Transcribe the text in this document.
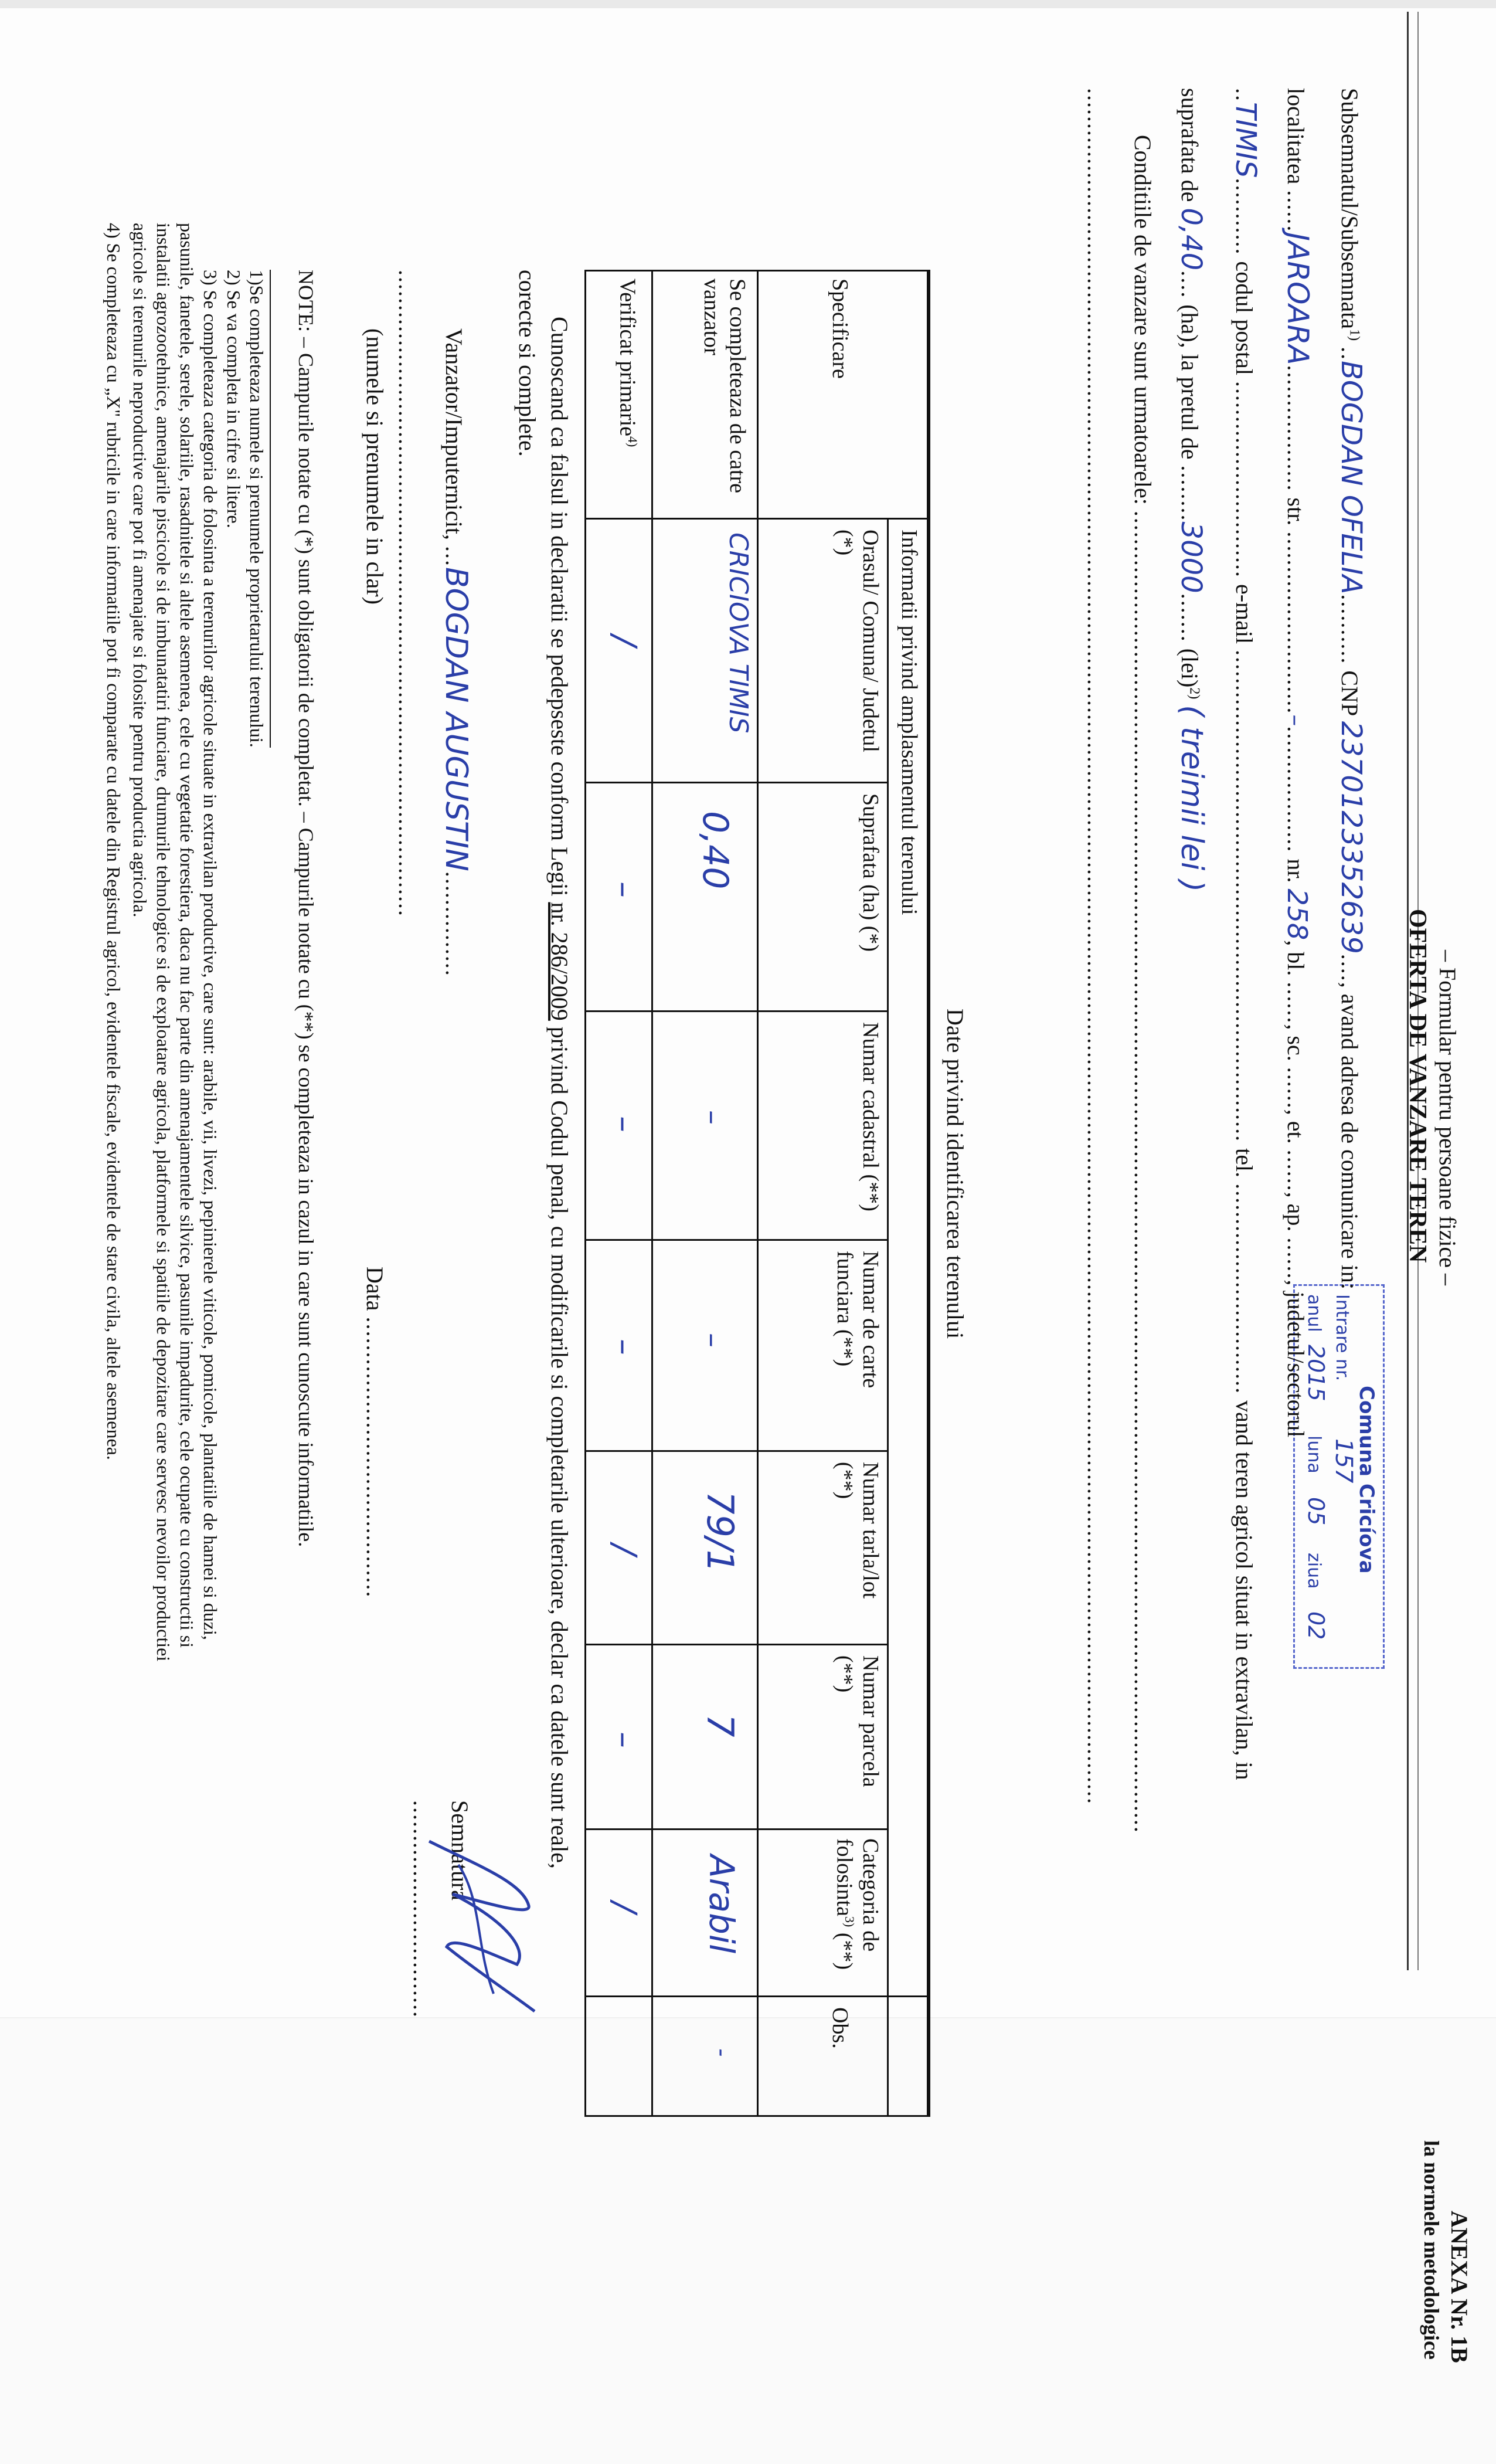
ANEXA Nr. 1B
la normele metodologice
– Formular pentru persoane fizice –
OFERTA DE VANZARE TEREN
Comuna Cricíova
Intrare nr.
157
anul
2015
luna
05
ziua
02
Subsemnatul/Subsemnata$^{1)}$ ..BOGDAN OFELIA.......... CNP 2370123352639...., avand adresa de comunicare in:
localitatea ......JAROARA.................. str. ..........................–.................. nr. 258, bl. ......, sc. ......, et. ......, ap. ......, judetul/sectorul
..TIMIS........... codul postal ............................ e-mail ...................................................................... tel. .............................. vand teren agricol situat in extravilan, in
suprafata de 0,40.... (ha), la pretul de ........3000....... (lei)$^{2)}$ ( treimii lei )
Conditiile de vanzare sunt urmatoarele: ............................................................................................................................................................................................
....................................................................................................................................................................................................................................................
Date privind identificarea terenului
Informatii privind amplasamentul terenului
Specificare
Orasul/ Comuna/ Judetul (*)
Suprafata (ha) (*)
Numar cadastral (**)
Numar de carte funciara (**)
Numar tarla/lot (**)
Numar parcela (**)
Categoria de folosinta$^{3)}$ (**)
Obs.
Se completeaza de catre vanzator
CRICIOVA TIMIS
0,40
–
–
79/1
7
Arabil
-
Verificat primarie$^{4)}$
/
–
–
–
/
–
/
Cunoscand ca falsul in declaratii se pedepseste conform Legii nr. 286/2009 privind Codul penal, cu modificarile si completarile ulterioare, declar ca datele sunt reale,
corecte si complete.
Vanzator/Imputernicit, ...BOGDAN AUGUSTIN...............
Semnatura
...............................
............................................................................................
(numele si prenumele in clar)
Data ........................................
NOTE: – Campurile notate cu (*) sunt obligatorii de completat. – Campurile notate cu (**) se completeaza in cazul in care sunt cunoscute informatiile.
1)Se completeaza numele si prenumele proprietarului terenului.
2) Se va completa in cifre si litere.
3) Se completeaza categoria de folosinta a terenurilor agricole situate in extravilan productive, care sunt: arabile, vii, livezi, pepinierele viticole, pomicole, plantatiile de hamei si duzi,
pasunile, fanetele, serele, solariile, rasadnitele si altele asemenea, cele cu vegetatie forestiera, daca nu fac parte din amenajamentele silvice, pasunile impadurite, cele ocupate cu constructii si
instalatii agrozootehnice, amenajarile piscicole si de imbunatatiri funciare, drumurile tehnologice si de exploatare agricola, platformele si spatiile de depozitare care servesc nevoilor productiei
agricole si terenurile neproductive care pot fi amenajate si folosite pentru productia agricola.
4) Se completeaza cu „X" rubricile in care informatiile pot fi comparate cu datele din Registrul agricol, evidentele fiscale, evidentele de stare civila, altele asemenea.
